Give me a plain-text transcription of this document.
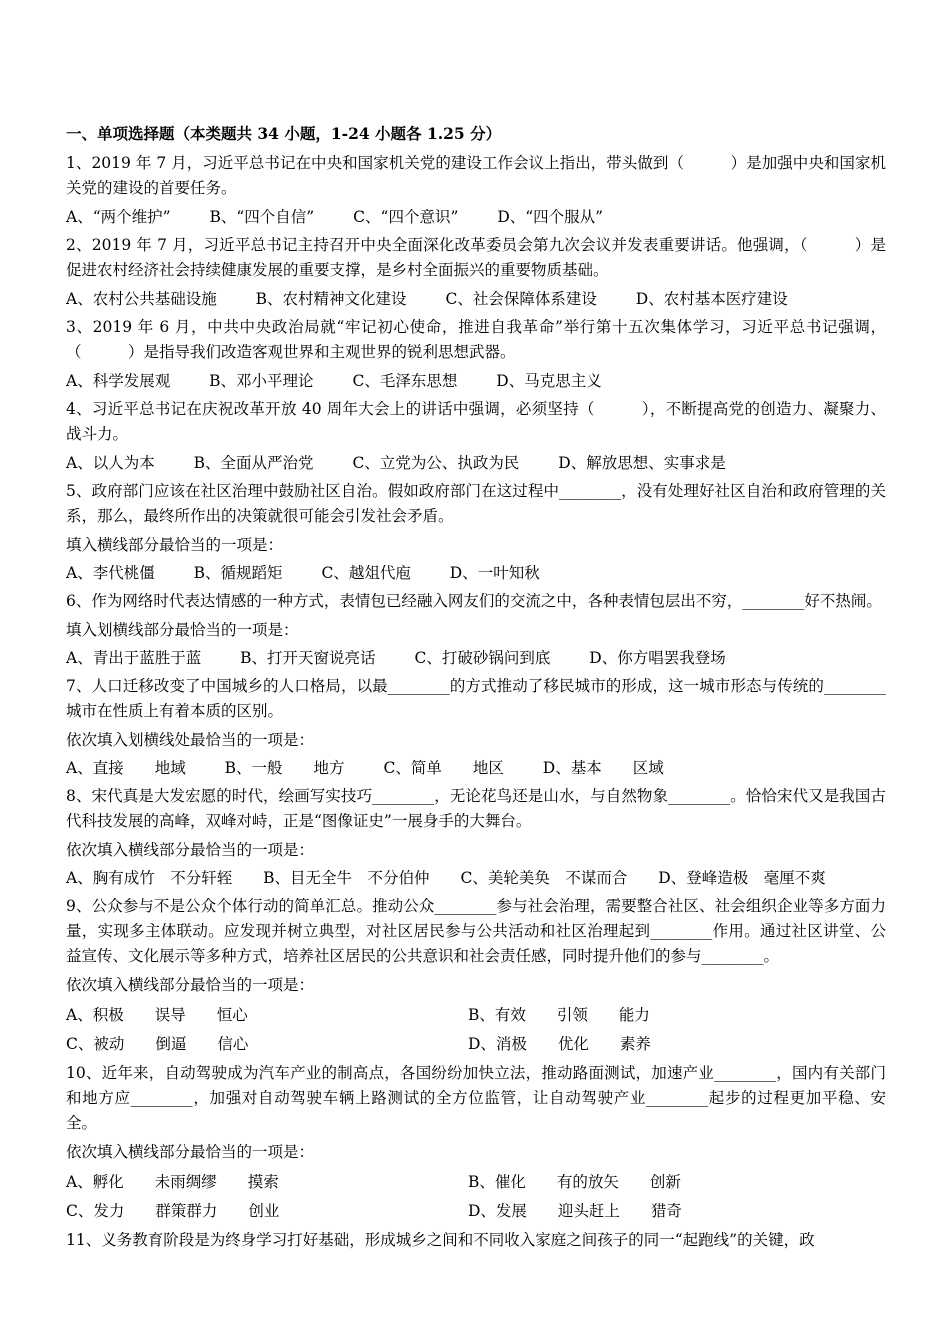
一、单项选择题（本类题共 34 小题，1-24 小题各 1.25 分）
1、2019 年 7 月，习近平总书记在中央和国家机关党的建设工作会议上指出，带头做到（　　　）是加强中央和国家机关党的建设的首要任务。
A、“两个维护”	B、“四个自信”	C、“四个意识”	D、“四个服从”
2、2019 年 7 月，习近平总书记主持召开中央全面深化改革委员会第九次会议并发表重要讲话。他强调，（　　　）是促进农村经济社会持续健康发展的重要支撑，是乡村全面振兴的重要物质基础。
A、农村公共基础设施	B、农村精神文化建设	C、社会保障体系建设	D、农村基本医疗建设
3、2019 年 6 月，中共中央政治局就“牢记初心使命，推进自我革命”举行第十五次集体学习，习近平总书记强调，（　　　）是指导我们改造客观世界和主观世界的锐利思想武器。
A、科学发展观	B、邓小平理论	C、毛泽东思想	D、马克思主义
4、习近平总书记在庆祝改革开放 40 周年大会上的讲话中强调，必须坚持（　　　），不断提高党的创造力、凝聚力、战斗力。
A、以人为本	B、全面从严治党	C、立党为公、执政为民	D、解放思想、实事求是
5、政府部门应该在社区治理中鼓励社区自治。假如政府部门在这过程中________，没有处理好社区自治和政府管理的关系，那么，最终所作出的决策就很可能会引发社会矛盾。
填入横线部分最恰当的一项是：
A、李代桃僵	B、循规蹈矩	C、越俎代庖	D、一叶知秋
6、作为网络时代表达情感的一种方式，表情包已经融入网友们的交流之中，各种表情包层出不穷，________好不热闹。
填入划横线部分最恰当的一项是：
A、青出于蓝胜于蓝	B、打开天窗说亮话	C、打破砂锅问到底	D、你方唱罢我登场
7、人口迁移改变了中国城乡的人口格局，以最________的方式推动了移民城市的形成，这一城市形态与传统的________城市在性质上有着本质的区别。
依次填入划横线处最恰当的一项是：
A、直接　　地域	B、一般　　地方	C、简单　　地区	D、基本　　区域
8、宋代真是大发宏愿的时代，绘画写实技巧________，无论花鸟还是山水，与自然物象________。恰恰宋代又是我国古代科技发展的高峰，双峰对峙，正是“图像证史”一展身手的大舞台。
依次填入横线部分最恰当的一项是：
A、胸有成竹　不分轩轾 B、目无全牛　不分伯仲 C、美轮美奂　不谋而合 D、登峰造极　毫厘不爽
9、公众参与不是公众个体行动的简单汇总。推动公众________参与社会治理，需要整合社区、社会组织企业等多方面力量，实现多主体联动。应发现并树立典型，对社区居民参与公共活动和社区治理起到________作用。通过社区讲堂、公益宣传、文化展示等多种方式，培养社区居民的公共意识和社会责任感，同时提升他们的参与________。
依次填入横线部分最恰当的一项是：
A、积极　　误导　　恒心	B、有效　　引领　　能力
C、被动　　倒逼　　信心	D、消极　　优化　　素养
10、近年来，自动驾驶成为汽车产业的制高点，各国纷纷加快立法，推动路面测试，加速产业________，国内有关部门和地方应________，加强对自动驾驶车辆上路测试的全方位监管，让自动驾驶产业________起步的过程更加平稳、安全。
依次填入横线部分最恰当的一项是：
A、孵化　　未雨绸缪　　摸索	B、催化　　有的放矢　　创新
C、发力　　群策群力　　创业	D、发展　　迎头赶上　　猎奇
11、义务教育阶段是为终身学习打好基础，形成城乡之间和不同收入家庭之间孩子的同一“起跑线”的关键，政
